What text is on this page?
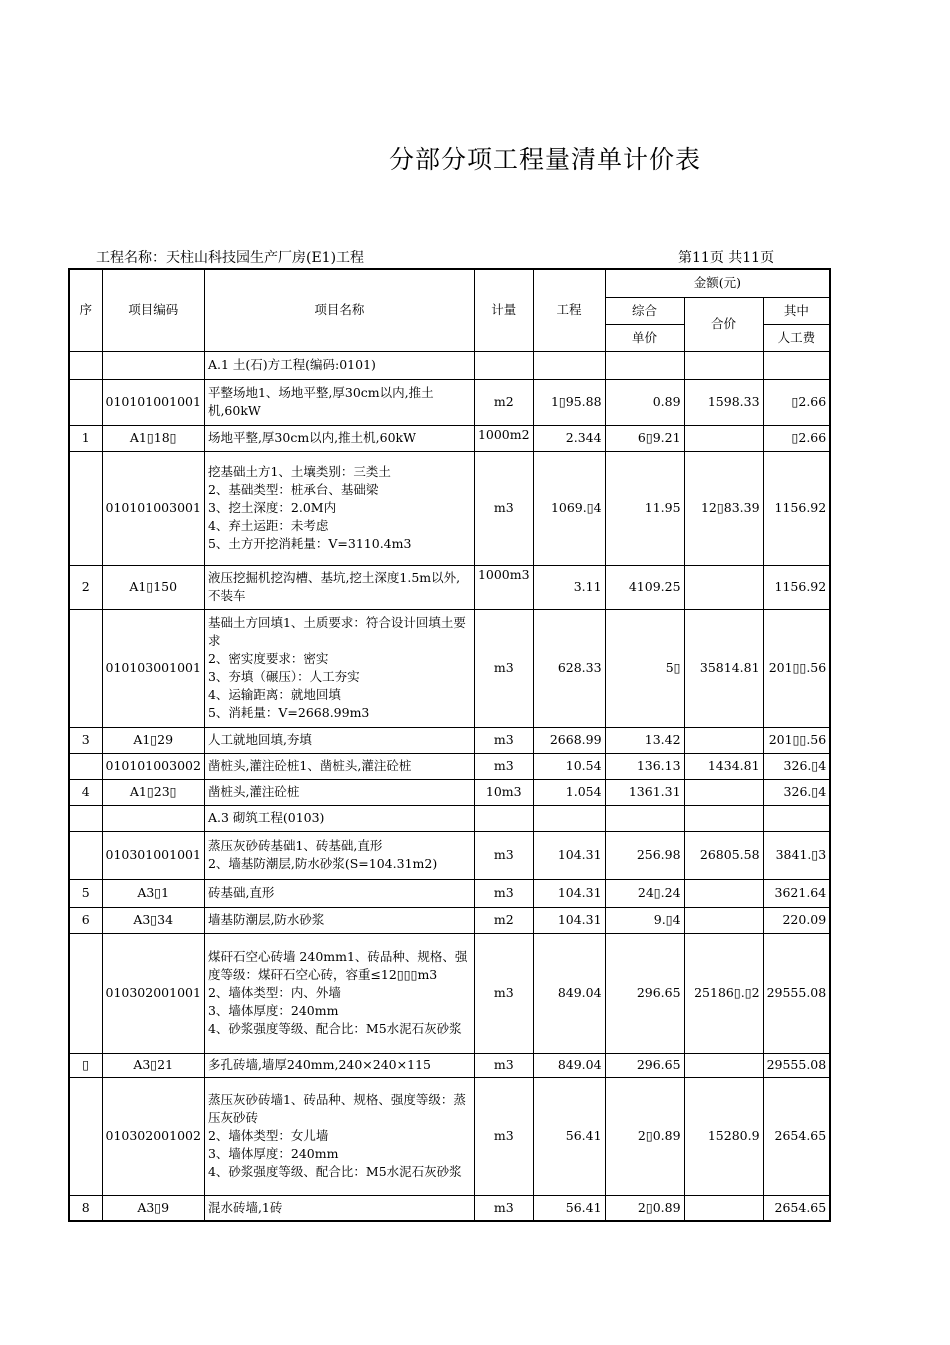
分部分项工程量清单计价表
工程名称：天柱山科技园生产厂房(E1)工程	第11页 共11页
序	项目编码	项目名称	计量	工程	金额(元)		
					综合	合价	其中
					单价		人工费
		A.1 土(石)方工程(编码:0101)					
	010101001001	平整场地1、场地平整,厚30cm以内,推土机,60kW	m2	1▯95.88	0.89	1598.33	▯2.66
1	A1▯18▯	场地平整,厚30cm以内,推土机,60kW	1000m2	2.344	6▯9.21		▯2.66
	010101003001	挖基础土方1、土壤类别：三类土
2、基础类型：桩承台、基础梁
3、挖土深度：2.0M内
4、弃土运距：未考虑
5、土方开挖消耗量：V=3110.4m3	m3	1069.▯4	11.95	12▯83.39	1156.92
2	A1▯150	液压挖掘机挖沟槽、基坑,挖土深度1.5m以外,不装车	1000m3	3.11	4109.25		1156.92
	010103001001	基础土方回填1、土质要求：符合设计回填土要求
2、密实度要求：密实
3、夯填（碾压）：人工夯实
4、运输距离：就地回填
5、消耗量：V=2668.99m3	m3	628.33	5▯	35814.81	201▯▯.56
3	A1▯29	人工就地回填,夯填	m3	2668.99	13.42		201▯▯.56
	010101003002	凿桩头,灌注砼桩1、凿桩头,灌注砼桩	m3	10.54	136.13	1434.81	326.▯4
4	A1▯23▯	凿桩头,灌注砼桩	10m3	1.054	1361.31		326.▯4
		A.3 砌筑工程(0103)					
	010301001001	蒸压灰砂砖基础1、砖基础,直形
2、墙基防潮层,防水砂浆(S=104.31m2)	m3	104.31	256.98	26805.58	3841.▯3
5	A3▯1	砖基础,直形	m3	104.31	24▯.24		3621.64
6	A3▯34	墙基防潮层,防水砂浆	m2	104.31	9.▯4		220.09
	010302001001	煤矸石空心砖墙 240mm1、砖品种、规格、强度等级：煤矸石空心砖，容重≤12▯▯▯m3
2、墙体类型：内、外墙
3、墙体厚度：240mm
4、砂浆强度等级、配合比：M5水泥石灰砂浆	m3	849.04	296.65	25186▯.▯2	29555.08
▯	A3▯21	多孔砖墙,墙厚240mm,240×240×115	m3	849.04	296.65		29555.08
	010302001002	蒸压灰砂砖墙1、砖品种、规格、强度等级：蒸压灰砂砖
2、墙体类型：女儿墙
3、墙体厚度：240mm
4、砂浆强度等级、配合比：M5水泥石灰砂浆	m3	56.41	2▯0.89	15280.9	2654.65
8	A3▯9	混水砖墙,1砖	m3	56.41	2▯0.89		2654.65
